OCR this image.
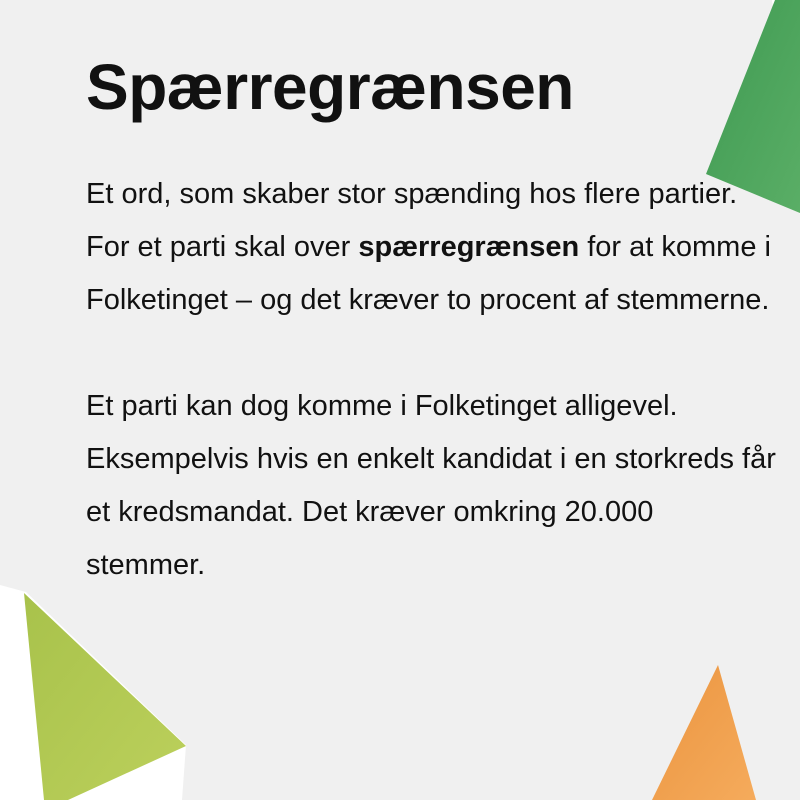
Spærregrænsen

Et ord, som skaber stor spænding hos flere partier. For et parti skal over spærregrænsen for at komme i Folketinget – og det kræver to procent af stemmerne.

Et parti kan dog komme i Folketinget alligevel. Eksempelvis hvis en enkelt kandidat i en storkreds får et kredsmandat. Det kræver omkring 20.000 stemmer.
